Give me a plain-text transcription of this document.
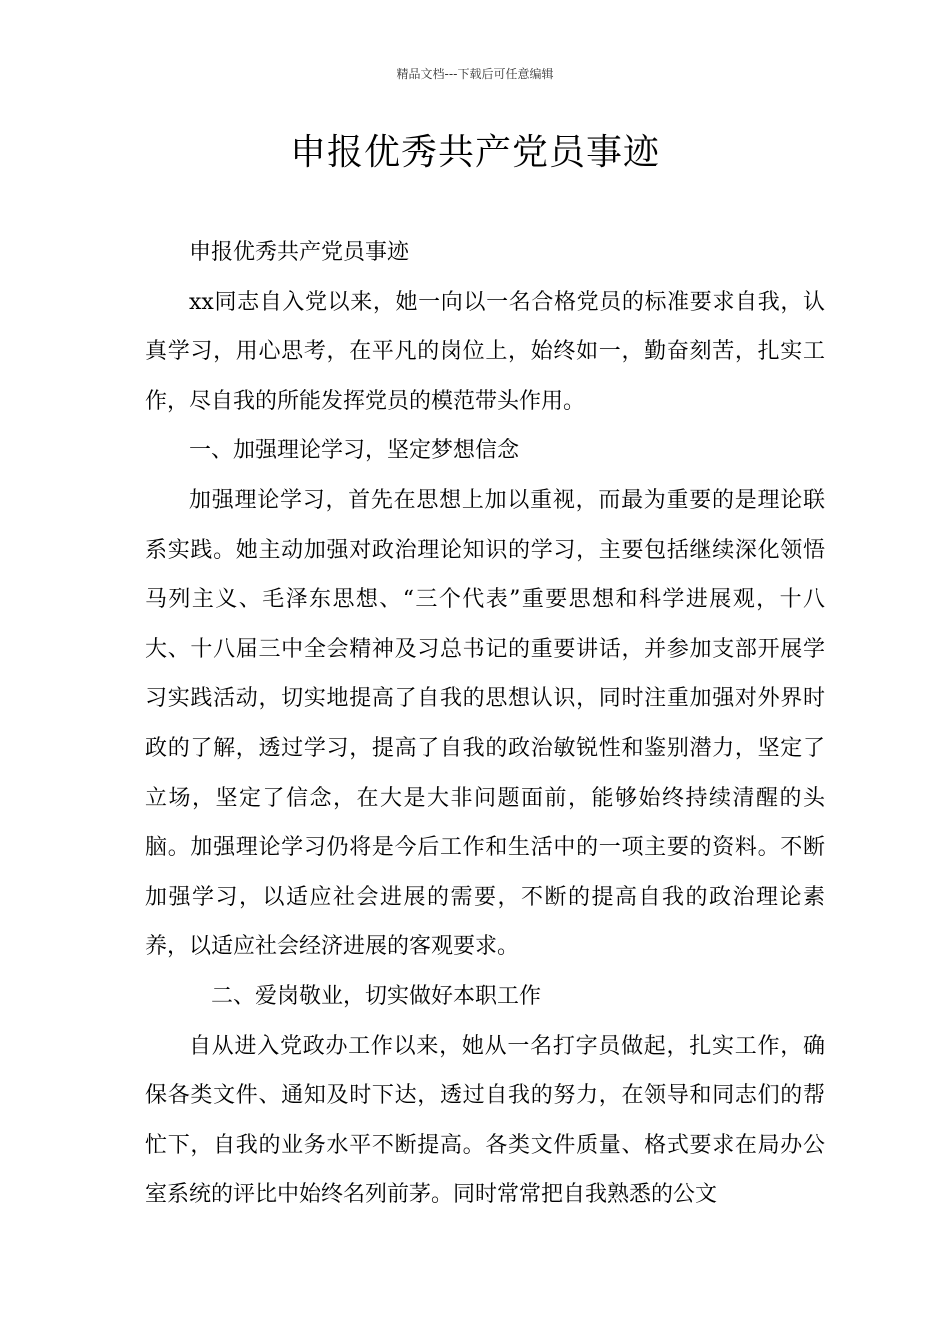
精品文档---下载后可任意编辑
申报优秀共产党员事迹

申报优秀共产党员事迹

xx同志自入党以来，她一向以一名合格党员的标准要求自我，认真学习，用心思考，在平凡的岗位上，始终如一，勤奋刻苦，扎实工作，尽自我的所能发挥党员的模范带头作用。

一、加强理论学习，坚定梦想信念

加强理论学习，首先在思想上加以重视，而最为重要的是理论联系实践。她主动加强对政治理论知识的学习，主要包括继续深化领悟马列主义、毛泽东思想、“三个代表”重要思想和科学进展观，十八大、十八届三中全会精神及习总书记的重要讲话，并参加支部开展学习实践活动，切实地提高了自我的思想认识，同时注重加强对外界时政的了解，透过学习，提高了自我的政治敏锐性和鉴别潜力，坚定了立场，坚定了信念，在大是大非问题面前，能够始终持续清醒的头脑。加强理论学习仍将是今后工作和生活中的一项主要的资料。不断加强学习，以适应社会进展的需要，不断的提高自我的政治理论素养，以适应社会经济进展的客观要求。

二、爱岗敬业，切实做好本职工作

自从进入党政办工作以来，她从一名打字员做起，扎实工作，确保各类文件、通知及时下达，透过自我的努力，在领导和同志们的帮忙下，自我的业务水平不断提高。各类文件质量、格式要求在局办公室系统的评比中始终名列前茅。同时常常把自我熟悉的公文
